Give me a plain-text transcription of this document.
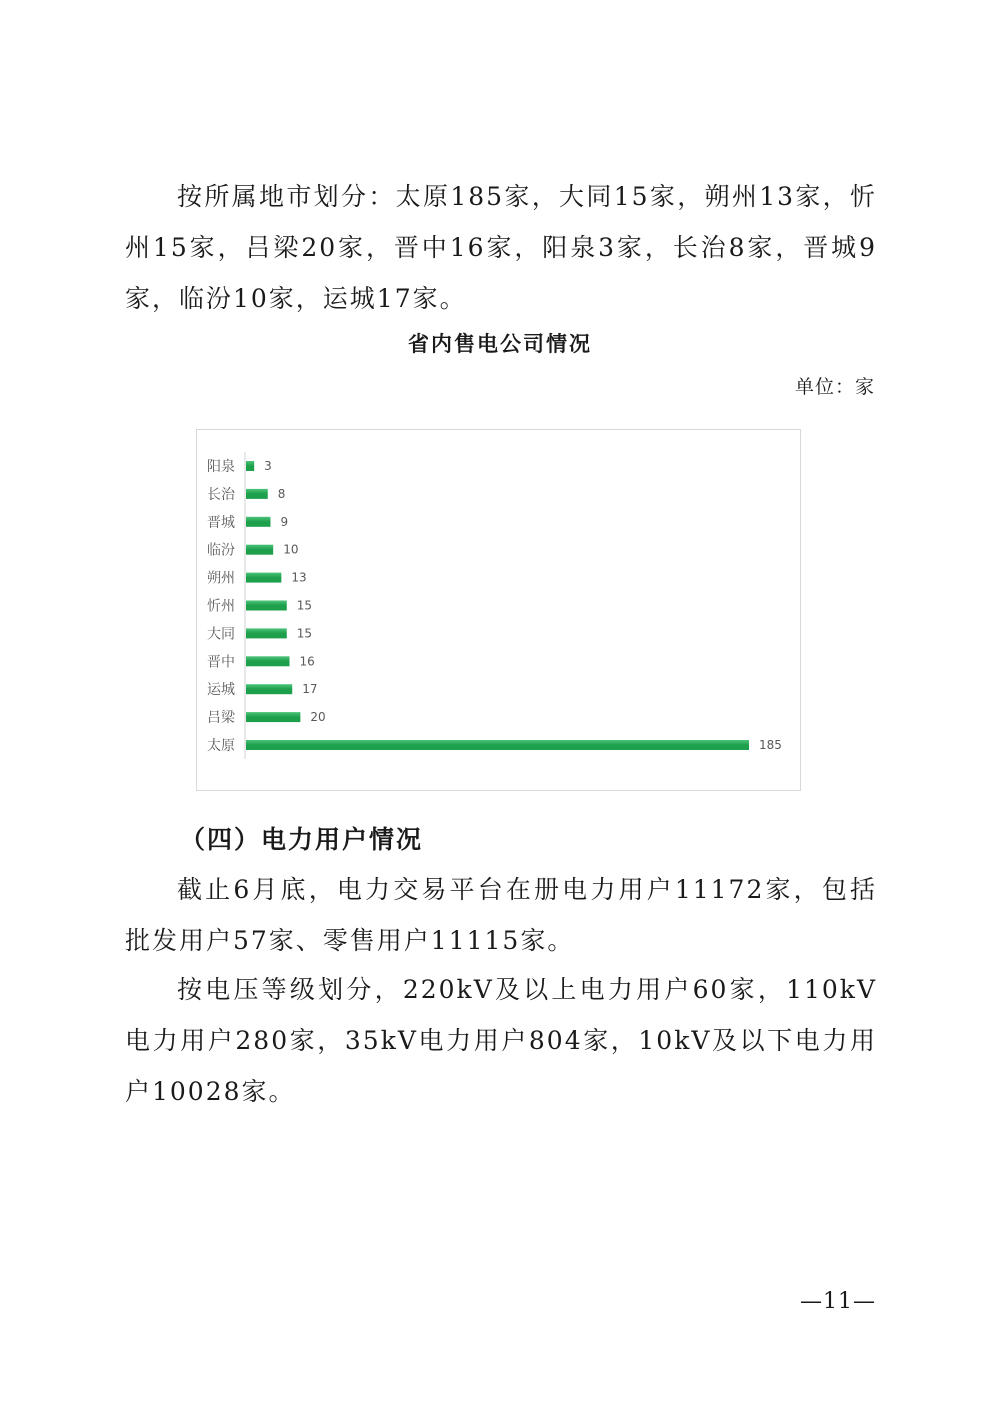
按所属地市划分：太原185家，大同15家，朔州13家，忻州15家，吕梁20家，晋中16家，阳泉3家，长治8家，晋城9家，临汾10家，运城17家。

省内售电公司情况
单位：家
阳泉 3
长治	8
晋城	9
临汾	10
朔州	13
忻州	15
大同	15
晋中	16
运城	17
吕梁	20
太原	185
（四）电力用户情况

截止6月底，电力交易平台在册电力用户11172家，包括批发用户57家、零售用户11115家。

按电压等级划分，220kV及以上电力用户60家，110kV电力用户280家，35kV电力用户804家，10kV及以下电力用户10028家。

—11—
